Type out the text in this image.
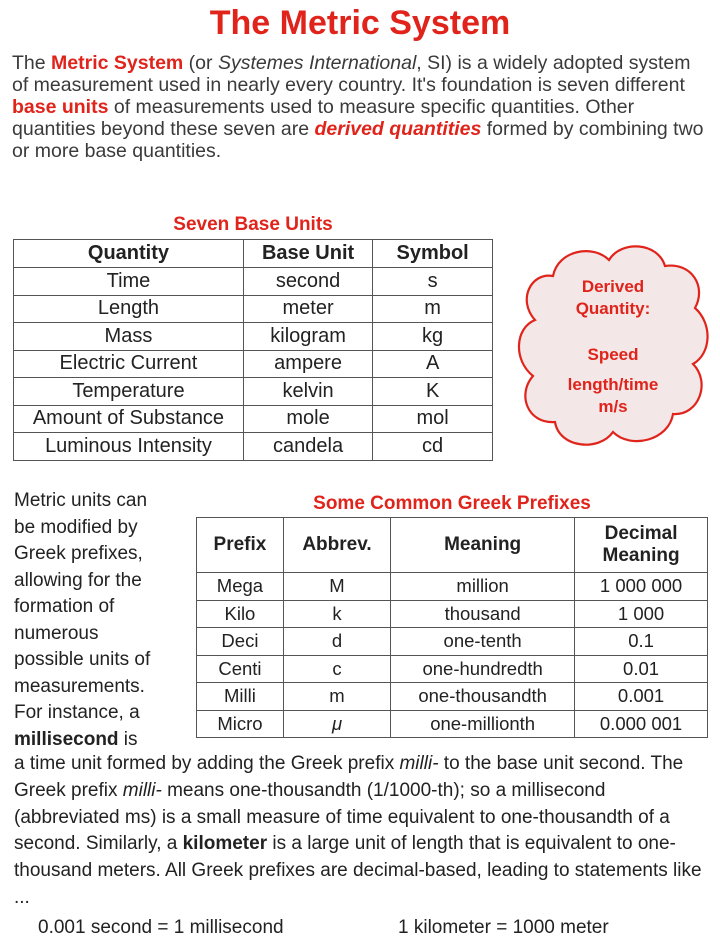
The Metric System
The Metric System (or Systemes International, SI) is a widely adopted system of measurement used in nearly every country. It's foundation is seven different base units of measurements used to measure specific quantities. Other quantities beyond these seven are derived quantities formed by combining two or more base quantities.
Seven Base Units
Quantity	Base Unit	Symbol
Time	second	s
Length	meter	m
Mass	kilogram	kg
Electric Current	ampere	A
Temperature	kelvin	K
Amount of Substance	mole	mol
Luminous Intensity	candela	cd
Derived
Quantity:
Speed
length/time
m/s
Metric units can
be modified by
Greek prefixes,
allowing for the
formation of
numerous
possible units of
measurements.
For instance, a
millisecond is
Some Common Greek Prefixes
Prefix	Abbrev.	Meaning	Decimal Meaning
Mega	M	million	1 000 000
Kilo	k	thousand	1 000
Deci	d	one-tenth	0.1
Centi	c	one-hundredth	0.01
Milli	m	one-thousandth	0.001
Micro	μ	one-millionth	0.000 001
a time unit formed by adding the Greek prefix milli- to the base unit second. The Greek prefix milli- means one-thousandth (1/1000-th); so a millisecond (abbreviated ms) is a small measure of time equivalent to one-thousandth of a second. Similarly, a kilometer is a large unit of length that is equivalent to one-thousand meters. All Greek prefixes are decimal-based, leading to statements like ...
0.001 second = 1 millisecond	1 kilometer = 1000 meter
